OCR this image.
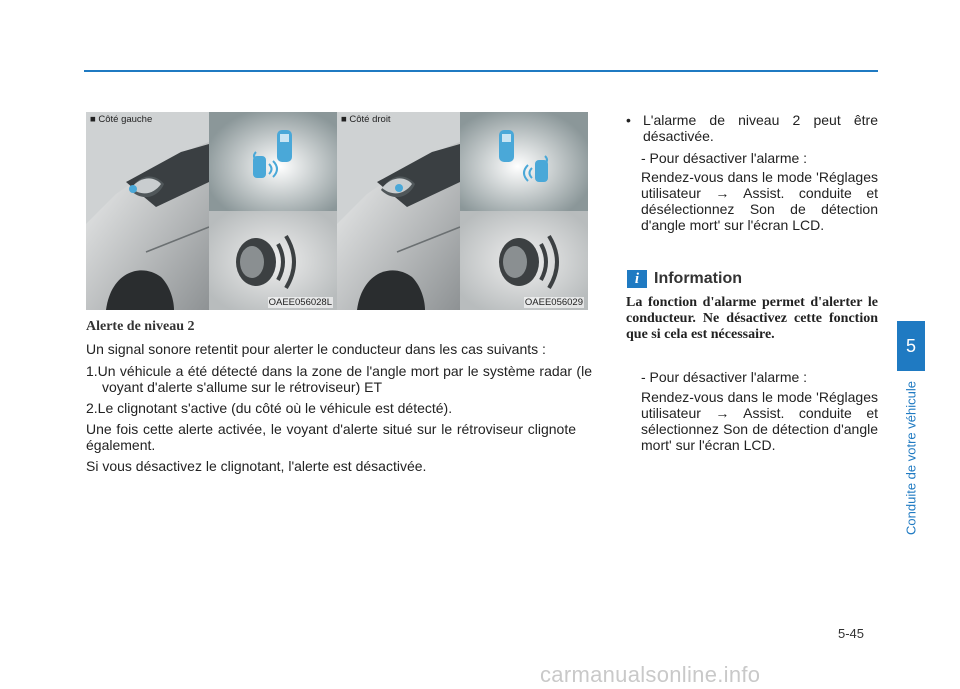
■ Côté gauche
OAEE056028L
■ Côté droit
OAEE056029
Alerte de niveau 2
Un signal sonore retentit pour alerter le conducteur dans les cas suivants :
1.Un véhicule a été détecté dans la zone de l'angle mort par le système radar (le voyant d'alerte s'allume sur le rétroviseur) ET
2.Le clignotant s'active (du côté où le véhicule est détecté).
Une fois cette alerte activée, le voyant d'alerte situé sur le rétroviseur clignote également.
Si vous désactivez le clignotant, l'alerte est désactivée.
• L'alarme de niveau 2 peut être désactivée.
- Pour désactiver l'alarme :
Rendez-vous dans le mode 'Réglages utilisateur → Assist. conduite et désélectionnez Son de détection d'angle mort' sur l'écran LCD.
i Information
La fonction d'alarme permet d'alerter le conducteur. Ne désactivez cette fonction que si cela est nécessaire.
- Pour désactiver l'alarme :
Rendez-vous dans le mode 'Réglages utilisateur → Assist. conduite et sélectionnez Son de détection d'angle mort' sur l'écran LCD.
5
Conduite de votre véhicule
5-45
carmanualsonline.info
